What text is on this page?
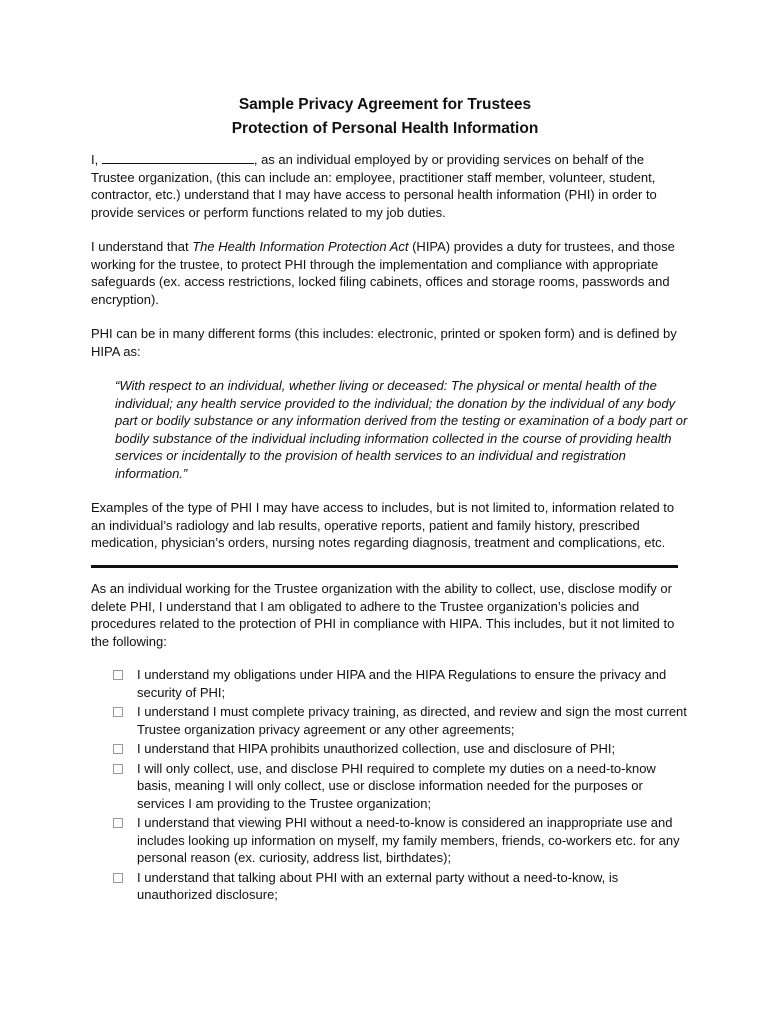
Sample Privacy Agreement for Trustees
Protection of Personal Health Information

I,	, as an individual employed by or providing services on behalf of the Trustee organization, (this can include an: employee, practitioner staff member, volunteer, student, contractor, etc.) understand that I may have access to personal health information (PHI) in order to provide services or perform functions related to my job duties.

I understand that The Health Information Protection Act (HIPA) provides a duty for trustees, and those working for the trustee, to protect PHI through the implementation and compliance with appropriate safeguards (ex. access restrictions, locked filing cabinets, offices and storage rooms, passwords and encryption).

PHI can be in many different forms (this includes: electronic, printed or spoken form) and is defined by HIPA as:

“With respect to an individual, whether living or deceased: The physical or mental health of the individual; any health service provided to the individual; the donation by the individual of any body part or bodily substance or any information derived from the testing or examination of a body part or bodily substance of the individual including information collected in the course of providing health services or incidentally to the provision of health services to an individual and registration information.”

Examples of the type of PHI I may have access to includes, but is not limited to, information related to an individual’s radiology and lab results, operative reports, patient and family history, prescribed medication, physician’s orders, nursing notes regarding diagnosis, treatment and complications, etc.

As an individual working for the Trustee organization with the ability to collect, use, disclose modify or delete PHI, I understand that I am obligated to adhere to the Trustee organization’s policies and procedures related to the protection of PHI in compliance with HIPA. This includes, but it not limited to the following:

I understand my obligations under HIPA and the HIPA Regulations to ensure the privacy and security of PHI;
I understand I must complete privacy training, as directed, and review and sign the most current Trustee organization privacy agreement or any other agreements;
I understand that HIPA prohibits unauthorized collection, use and disclosure of PHI;
I will only collect, use, and disclose PHI required to complete my duties on a need-to-know basis, meaning I will only collect, use or disclose information needed for the purposes or services I am providing to the Trustee organization;
I understand that viewing PHI without a need-to-know is considered an inappropriate use and includes looking up information on myself, my family members, friends, co-workers etc. for any personal reason (ex. curiosity, address list, birthdates);
I understand that talking about PHI with an external party without a need-to-know, is unauthorized disclosure;
